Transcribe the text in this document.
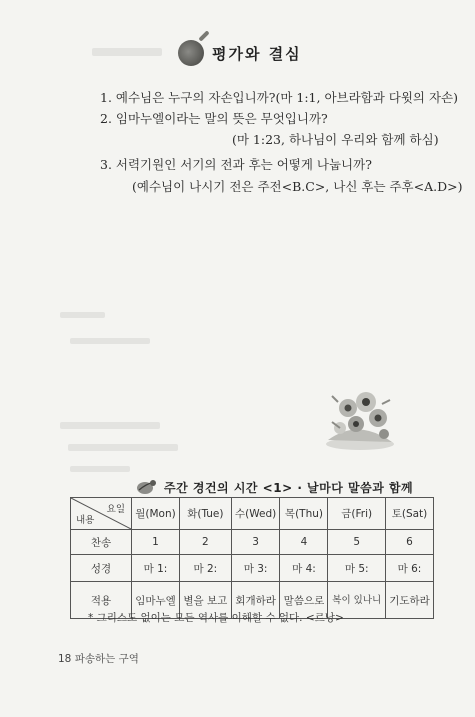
평가와 결심
1. 예수님은 누구의 자손입니까?(마 1:1, 아브라함과 다윗의 자손)
2. 임마누엘이라는 말의 뜻은 무엇입니까?
(마 1:23, 하나님이 우리와 함께 하심)
3. 서력기원인 서기의 전과 후는 어떻게 나눕니까?
(예수님이 나시기 전은 주전<B.C>, 나신 후는 주후<A.D>)
주간 경건의 시간 <1> · 날마다 말씀과 함께
요일
내용	월(Mon)	화(Tue)	수(Wed)	목(Thu)	금(Fri)	토(Sat)
찬송	1	2	3	4	5	6
성경	마 1:	마 2:	마 3:	마 4:	마 5:	마 6:
적용	임마누엘	별을 보고	회개하라	말씀으로	복이 있나니	기도하라
* 그리스도 없이는 모든 역사를 이해할 수 없다. <르낭>
18 파송하는 구역
